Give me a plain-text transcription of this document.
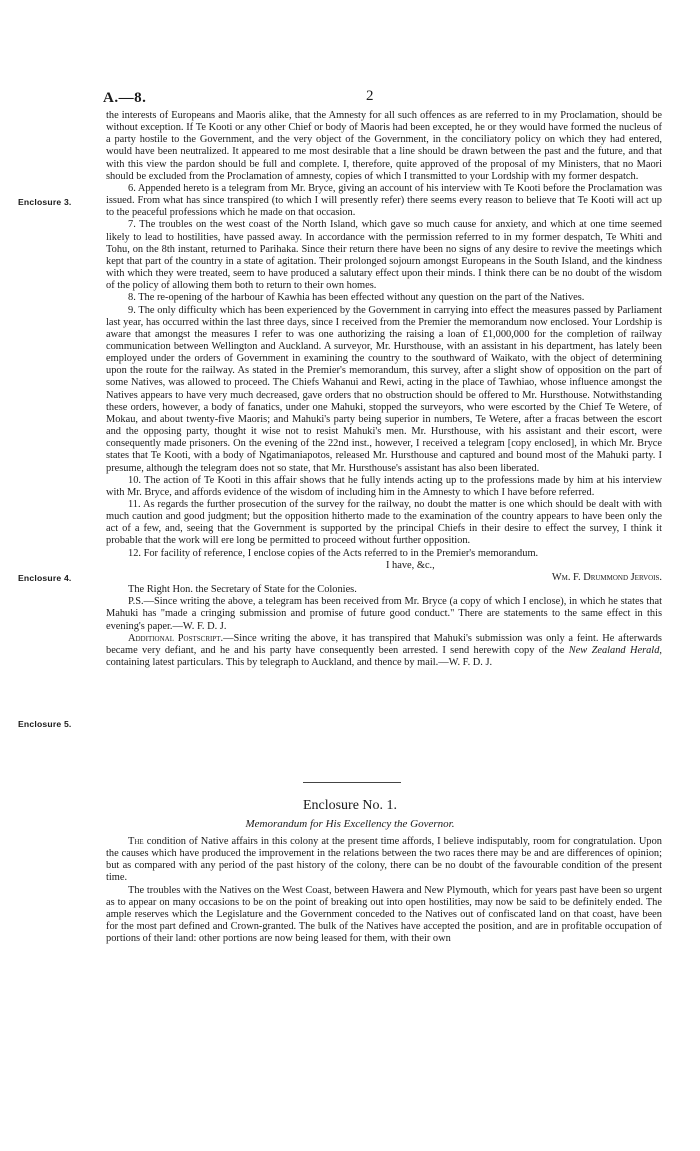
A.—8.	2
Enclosure 3.
Enclosure 4.
Enclosure 5.

the interests of Europeans and Maoris alike, that the Amnesty for all such offences as are referred to in my Proclamation, should be without exception. If Te Kooti or any other Chief or body of Maoris had been excepted, he or they would have formed the nucleus of a party hostile to the Government, and the very object of the Government, in the conciliatory policy on which they had entered, would have been neutralized. It appeared to me most desirable that a line should be drawn between the past and the future, and that with this view the pardon should be full and complete. I, therefore, quite approved of the proposal of my Ministers, that no Maori should be excluded from the Proclamation of amnesty, copies of which I transmitted to your Lordship with my former despatch.

6. Appended hereto is a telegram from Mr. Bryce, giving an account of his interview with Te Kooti before the Proclamation was issued. From what has since transpired (to which I will presently refer) there seems every reason to believe that Te Kooti will act up to the peaceful professions which he made on that occasion.

7. The troubles on the west coast of the North Island, which gave so much cause for anxiety, and which at one time seemed likely to lead to hostilities, have passed away. In accordance with the permission referred to in my former despatch, Te Whiti and Tohu, on the 8th instant, returned to Parihaka. Since their return there have been no signs of any desire to revive the meetings which kept that part of the country in a state of agitation. Their prolonged sojourn amongst Europeans in the South Island, and the kindness with which they were treated, seem to have produced a salutary effect upon their minds. I think there can be no doubt of the wisdom of the policy of allowing them both to return to their own homes.

8. The re-opening of the harbour of Kawhia has been effected without any question on the part of the Natives.

9. The only difficulty which has been experienced by the Government in carrying into effect the measures passed by Parliament last year, has occurred within the last three days, since I received from the Premier the memorandum now enclosed. Your Lordship is aware that amongst the measures I refer to was one authorizing the raising a loan of £1,000,000 for the completion of railway communication between Wellington and Auckland. A surveyor, Mr. Hursthouse, with an assistant in his department, has lately been employed under the orders of Government in examining the country to the southward of Waikato, with the object of determining upon the route for the railway. As stated in the Premier's memorandum, this survey, after a slight show of opposition on the part of some Natives, was allowed to proceed. The Chiefs Wahanui and Rewi, acting in the place of Tawhiao, whose influence amongst the Natives appears to have very much decreased, gave orders that no obstruction should be offered to Mr. Hursthouse. Notwithstanding these orders, however, a body of fanatics, under one Mahuki, stopped the surveyors, who were escorted by the Chief Te Wetere, of Mokau, and about twenty-five Maoris; and Mahuki's party being superior in numbers, Te Wetere, after a fracas between the escort and the opposing party, thought it wise not to resist Mahuki's men. Mr. Hursthouse, with his assistant and their escort, were consequently made prisoners. On the evening of the 22nd inst., however, I received a telegram [copy enclosed], in which Mr. Bryce states that Te Kooti, with a body of Ngatimaniapotos, released Mr. Hursthouse and captured and bound most of the Mahuki party. I presume, although the telegram does not so state, that Mr. Hursthouse's assistant has also been liberated.

10. The action of Te Kooti in this affair shows that he fully intends acting up to the professions made by him at his interview with Mr. Bryce, and affords evidence of the wisdom of including him in the Amnesty to which I have before referred.

11. As regards the further prosecution of the survey for the railway, no doubt the matter is one which should be dealt with with much caution and good judgment; but the opposition hitherto made to the examination of the country appears to have been only the act of a few, and, seeing that the Government is supported by the principal Chiefs in their desire to effect the survey, I think it probable that the work will ere long be permitted to proceed without further opposition.

12. For facility of reference, I enclose copies of the Acts referred to in the Premier's memorandum.

I have, &c.,

Wm. F. Drummond Jervois.

The Right Hon. the Secretary of State for the Colonies.

P.S.—Since writing the above, a telegram has been received from Mr. Bryce (a copy of which I enclose), in which he states that Mahuki has "made a cringing submission and promise of future good conduct." There are statements to the same effect in this evening's paper.—W. F. D. J.

Additional Postscript.—Since writing the above, it has transpired that Mahuki's submission was only a feint. He afterwards became very defiant, and he and his party have consequently been arrested. I send herewith copy of the New Zealand Herald, containing latest particulars. This by telegraph to Auckland, and thence by mail.—W. F. D. J.

Enclosure No. 1.
Memorandum for His Excellency the Governor.

The condition of Native affairs in this colony at the present time affords, I believe indisputably, room for congratulation. Upon the causes which have produced the improvement in the relations between the two races there may be and are differences of opinion; but as compared with any period of the past history of the colony, there can be no doubt of the favourable condition of the present time.

The troubles with the Natives on the West Coast, between Hawera and New Plymouth, which for years past have been so urgent as to appear on many occasions to be on the point of breaking out into open hostilities, may now be said to be definitely ended. The ample reserves which the Legislature and the Government conceded to the Natives out of confiscated land on that coast, have been for the most part defined and Crown-granted. The bulk of the Natives have accepted the position, and are in profitable occupation of portions of their land: other portions are now being leased for them, with their own
